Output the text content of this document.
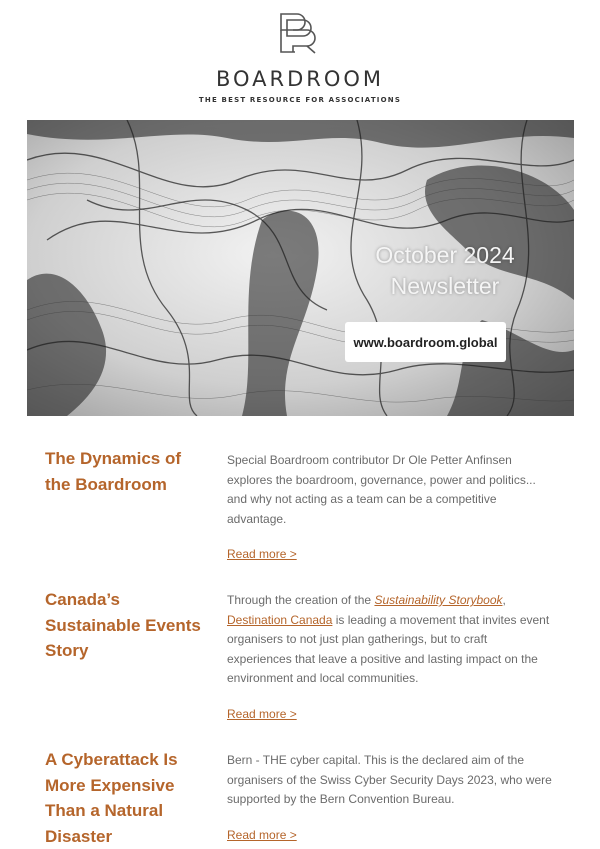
BOARDROOM
THE BEST RESOURCE FOR ASSOCIATIONS
October 2024
Newsletter
www.boardroom.global
The Dynamics of the Boardroom
Special Boardroom contributor Dr Ole Petter Anfinsen explores the boardroom, governance, power and politics... and why not acting as a team can be a competitive advantage.
Read more >
Canada’s Sustainable Events Story
Through the creation of the Sustainability Storybook, Destination Canada is leading a movement that invites event organisers to not just plan gatherings, but to craft experiences that leave a positive and lasting impact on the environment and local communities.
Read more >
A Cyberattack Is More Expensive Than a Natural Disaster
Bern - THE cyber capital. This is the declared aim of the organisers of the Swiss Cyber Security Days 2023, who were supported by the Bern Convention Bureau.
Read more >
